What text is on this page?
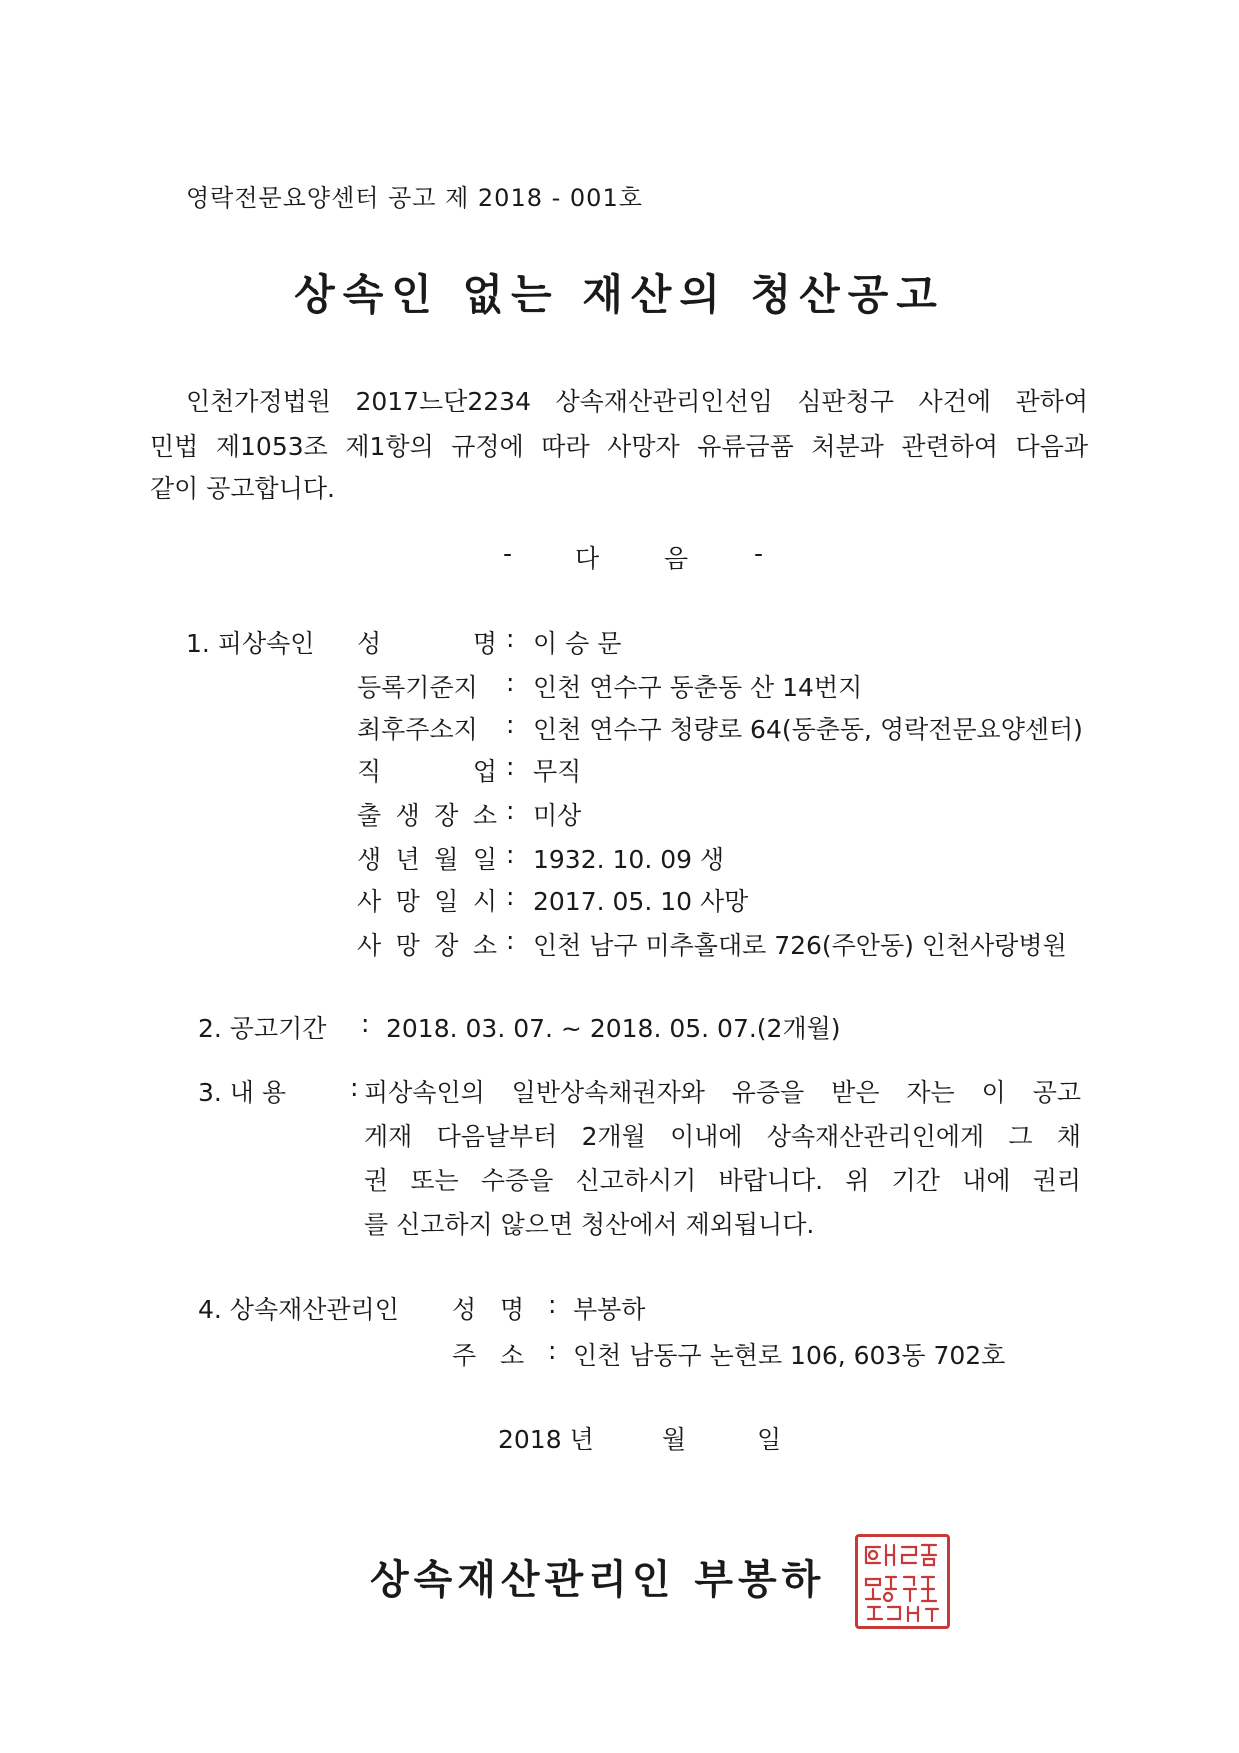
영락전문요양센터 공고 제 2018 - 001호
상속인 없는 재산의 청산공고
인천가정법원 2017느단2234 상속재산관리인선임 심판청구 사건에 관하여
민법 제1053조 제1항의 규정에 따라 사망자 유류금품 처분과 관련하여 다음과
같이 공고합니다.
-	다	음	-
1. 피상속인 성 명 : 이 승 문
등록기준지	: 인천 연수구 동춘동 산 14번지
최후주소지	: 인천 연수구 청량로 64(동춘동, 영락전문요양센터)
직 업 : 무직
출 생 장 소 : 미상
생 년 월 일 : 1932. 10. 09 생
사 망 일 시 : 2017. 05. 10 사망
사 망 장 소 : 인천 남구 미추홀대로 726(주안동) 인천사랑병원
2. 공고기간 : 2018. 03. 07. ~ 2018. 05. 07.(2개월)
3. 내 용	: 피상속인의 일반상속채권자와 유증을 받은 자는 이 공고
게재 다음날부터 2개월 이내에 상속재산관리인에게 그 채
권 또는 수증을 신고하시기 바랍니다. 위 기간 내에 권리
를 신고하지 않으면 청산에서 제외됩니다.
4. 상속재산관리인 성   명 : 부봉하
주   소 : 인천 남동구 논현로 106, 603동 702호
2018 년	월	일
상속재산관리인 부봉하
